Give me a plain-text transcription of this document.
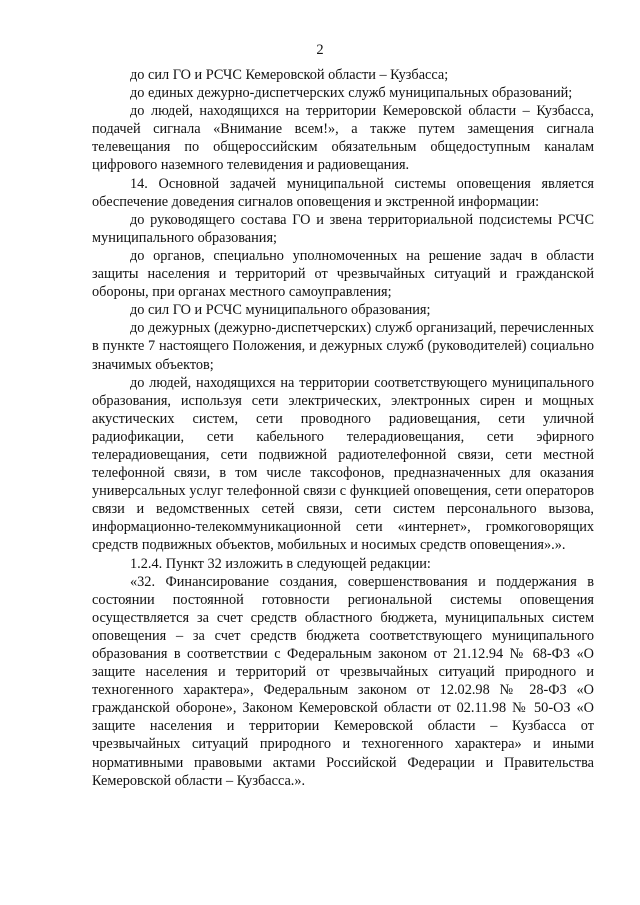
2

до сил ГО и РСЧС Кемеровской области – Кузбасса;

до единых дежурно-диспетчерских служб муниципальных образований;

до людей, находящихся на территории Кемеровской области – Кузбасса, подачей сигнала «Внимание всем!», а также путем замещения сигнала телевещания по общероссийским обязательным общедоступным каналам цифрового наземного телевидения и радиовещания.

14. Основной задачей муниципальной системы оповещения является обеспечение доведения сигналов оповещения и экстренной информации:

до руководящего состава ГО и звена территориальной подсистемы РСЧС муниципального образования;

до органов, специально уполномоченных на решение задач в области защиты населения и территорий от чрезвычайных ситуаций и гражданской обороны, при органах местного самоуправления;

до сил ГО и РСЧС муниципального образования;

до дежурных (дежурно-диспетчерских) служб организаций, перечисленных в пункте 7 настоящего Положения, и дежурных служб (руководителей) социально значимых объектов;

до людей, находящихся на территории соответствующего муниципального образования, используя сети электрических, электронных сирен и мощных акустических систем, сети проводного радиовещания, сети уличной радиофикации, сети кабельного телерадиовещания, сети эфирного телерадиовещания, сети подвижной радиотелефонной связи, сети местной телефонной связи, в том числе таксофонов, предназначенных для оказания универсальных услуг телефонной связи с функцией оповещения, сети операторов связи и ведомственных сетей связи, сети систем персонального вызова, информационно-телекоммуникационной сети «интернет», громкоговорящих средств подвижных объектов, мобильных и носимых средств оповещения».».

1.2.4. Пункт 32 изложить в следующей редакции:

«32. Финансирование создания, совершенствования и поддержания в состоянии постоянной готовности региональной системы оповещения осуществляется за счет средств областного бюджета, муниципальных систем оповещения – за счет средств бюджета соответствующего муниципального образования в соответствии с Федеральным законом от 21.12.94 № 68-ФЗ «О защите населения и территорий от чрезвычайных ситуаций природного и техногенного характера», Федеральным законом от 12.02.98 № 28-ФЗ «О гражданской обороне», Законом Кемеровской области от 02.11.98 № 50-ОЗ «О защите населения и территории Кемеровской области – Кузбасса от чрезвычайных ситуаций природного и техногенного характера» и иными нормативными правовыми актами Российской Федерации и Правительства Кемеровской области – Кузбасса.».
